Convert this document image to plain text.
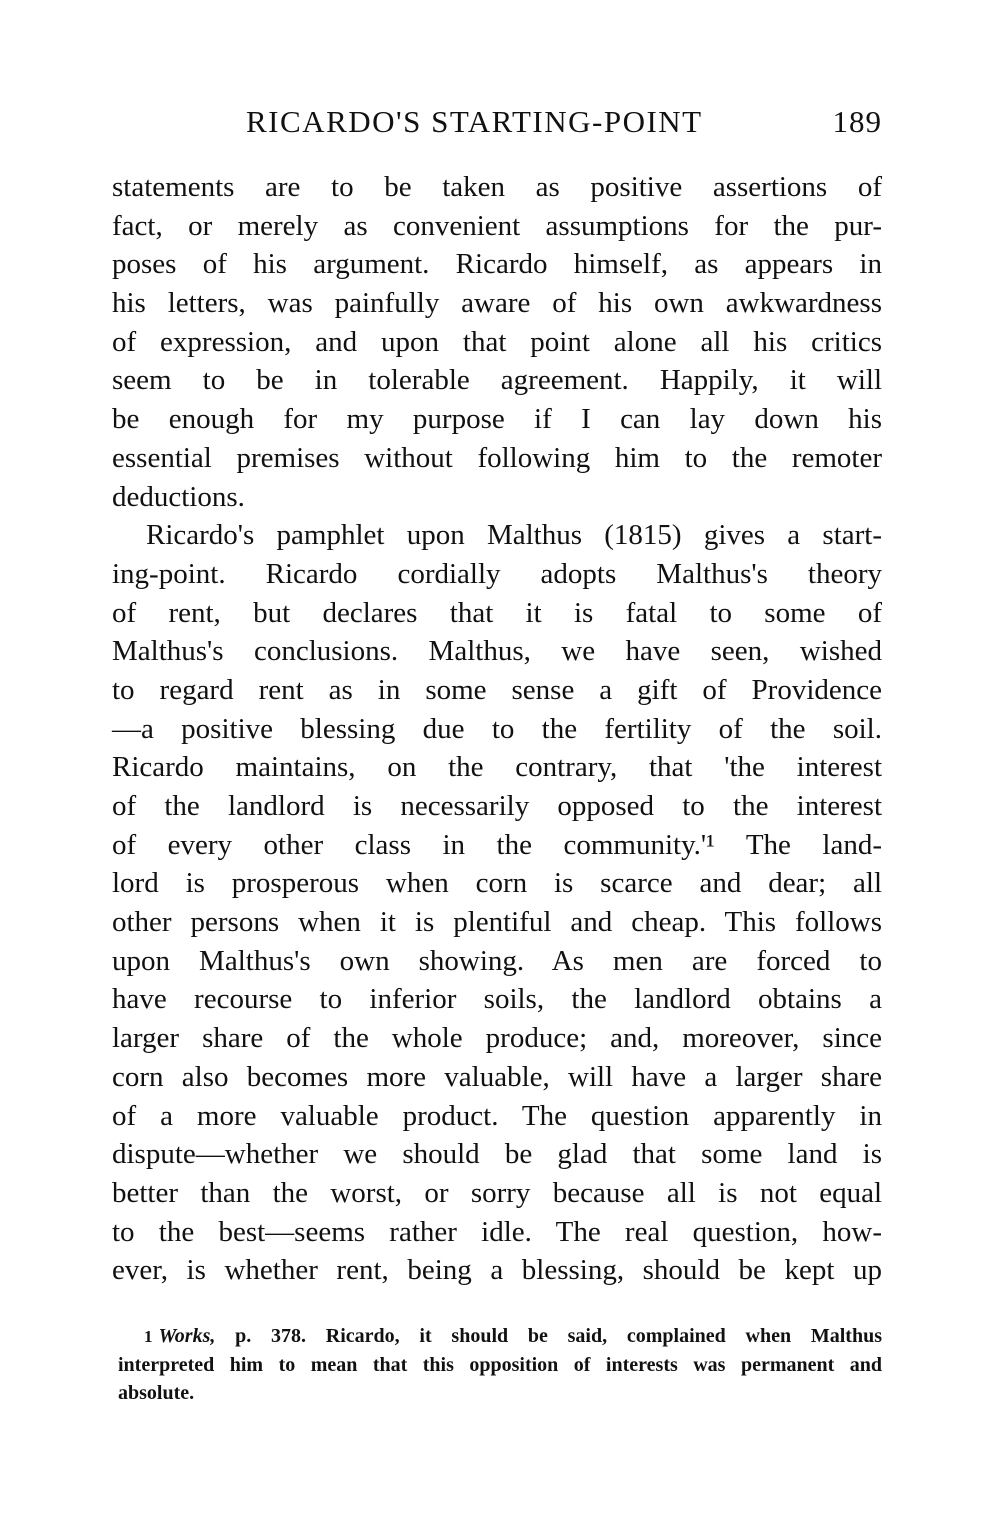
RICARDO'S STARTING-POINT	189
statements are to be taken as positive assertions of
fact, or merely as convenient assumptions for the pur-
poses of his argument. Ricardo himself, as appears in
his letters, was painfully aware of his own awkwardness
of expression, and upon that point alone all his critics
seem to be in tolerable agreement. Happily, it will
be enough for my purpose if I can lay down his
essential premises without following him to the remoter
deductions.
Ricardo's pamphlet upon Malthus (1815) gives a start-
ing-point. Ricardo cordially adopts Malthus's theory
of rent, but declares that it is fatal to some of
Malthus's conclusions. Malthus, we have seen, wished
to regard rent as in some sense a gift of Providence
—a positive blessing due to the fertility of the soil.
Ricardo maintains, on the contrary, that 'the interest
of the landlord is necessarily opposed to the interest
of every other class in the community.'¹ The land-
lord is prosperous when corn is scarce and dear; all
other persons when it is plentiful and cheap. This follows
upon Malthus's own showing. As men are forced to
have recourse to inferior soils, the landlord obtains a
larger share of the whole produce; and, moreover, since
corn also becomes more valuable, will have a larger share
of a more valuable product. The question apparently in
dispute—whether we should be glad that some land is
better than the worst, or sorry because all is not equal
to the best—seems rather idle. The real question, how-
ever, is whether rent, being a blessing, should be kept up
1 Works, p. 378. Ricardo, it should be said, complained when Malthus
interpreted him to mean that this opposition of interests was permanent and
absolute.
